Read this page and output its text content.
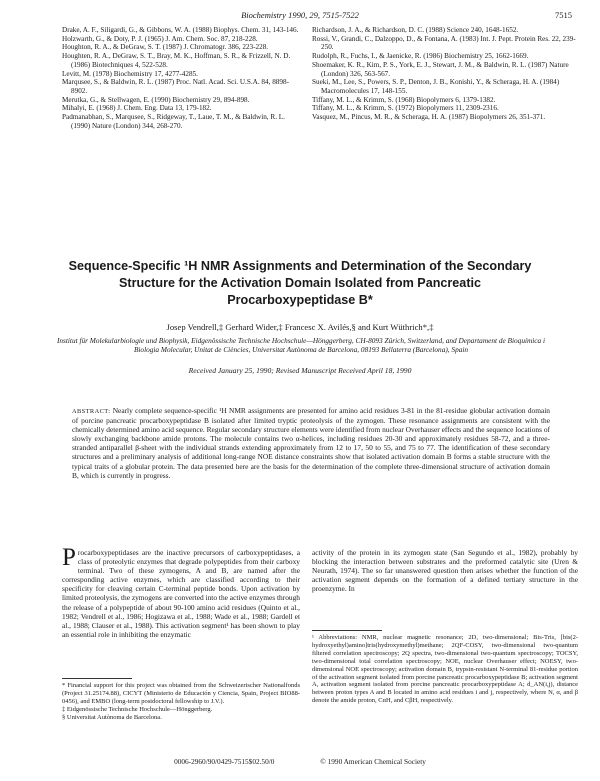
Biochemistry 1990, 29, 7515-7522	7515

Drake, A. F., Siligardi, G., & Gibbons, W. A. (1988) Biophys. Chem. 31, 143-146.

Holzwarth, G., & Doty, P. J. (1965) J. Am. Chem. Soc. 87, 218-228.

Houghton, R. A., & DeGraw, S. T. (1987) J. Chromatogr. 386, 223-228.

Houghten, R. A., DeGraw, S. T., Bray, M. K., Hoffman, S. R., & Frizzell, N. D. (1986) Biotechniques 4, 522-528.

Levitt, M. (1978) Biochemistry 17, 4277-4285.

Marqusee, S., & Baldwin, R. L. (1987) Proc. Natl. Acad. Sci. U.S.A. 84, 8898-8902.

Merutka, G., & Stellwagen, E. (1990) Biochemistry 29, 894-898.

Mihalyi, E. (1968) J. Chem. Eng. Data 13, 179-182.

Padmanabhan, S., Marqusee, S., Ridgeway, T., Laue, T. M., & Baldwin, R. L. (1990) Nature (London) 344, 268-270.

Richardson, J. A., & Richardson, D. C. (1988) Science 240, 1648-1652.

Rossi, V., Grandi, C., Dalzoppo, D., & Fontana, A. (1983) Int. J. Pept. Protein Res. 22, 239-250.

Rudolph, R., Fuchs, I., & Jaenicke, R. (1986) Biochemistry 25, 1662-1669.

Shoemaker, K. R., Kim, P. S., York, E. J., Stewart, J. M., & Baldwin, R. L. (1987) Nature (London) 326, 563-567.

Sueki, M., Lee, S., Powers, S. P., Denton, J. B., Konishi, Y., & Scheraga, H. A. (1984) Macromolecules 17, 148-155.

Tiffany, M. L., & Krimm, S. (1968) Biopolymers 6, 1379-1382.

Tiffany, M. L., & Krimm, S. (1972) Biopolymers 11, 2309-2316.

Vasquez, M., Pincus, M. R., & Scheraga, H. A. (1987) Biopolymers 26, 351-371.

Sequence-Specific ¹H NMR Assignments and Determination of the Secondary
Structure for the Activation Domain Isolated from Pancreatic
Procarboxypeptidase B*
Josep Vendrell,‡ Gerhard Wider,‡ Francesc X. Avilés,§ and Kurt Wüthrich*,‡
Institut für Molekularbiologie und Biophysik, Eidgenössische Technische Hochschule—Hönggerberg, CH-8093 Zürich, Switzerland, and Departament de Bioquímica i Biologia Molecular, Unitat de Ciències, Universitat Autònoma de Barcelona, 08193 Bellaterra (Barcelona), Spain
Received January 25, 1990; Revised Manuscript Received April 18, 1990
ABSTRACT: Nearly complete sequence-specific ¹H NMR assignments are presented for amino acid residues 3-81 in the 81-residue globular activation domain of porcine pancreatic procarboxypeptidase B isolated after limited tryptic proteolysis of the zymogen. These resonance assignments are consistent with the chemically determined amino acid sequence. Regular secondary structure elements were identified from nuclear Overhauser effects and the sequence locations of slowly exchanging backbone amide protons. The molecule contains two α-helices, including residues 20-30 and approximately residues 58-72, and a three-stranded antiparallel β-sheet with the individual strands extending approximately from 12 to 17, 50 to 55, and 75 to 77. The identification of these secondary structures and a preliminary analysis of additional long-range NOE distance constraints show that isolated activation domain B forms a stable structure with the typical traits of a globular protein. The data presented here are the basis for the determination of the complete three-dimensional structure of activation domain B, which is currently in progress.
Procarboxypeptidases are the inactive precursors of carboxypeptidases, a class of proteolytic enzymes that degrade polypeptides from their carboxy terminal. Two of these zymogens, A and B, are named after the corresponding active enzymes, which are classified according to their specificity for cleaving certain C-terminal peptide bonds. Upon activation by limited proteolysis, the zymogens are converted into the active enzymes through the release of a polypeptide of about 90-100 amino acid residues (Quinto et al., 1982; Vendrell et al., 1986; Hogizawa et al., 1988; Wade et al., 1988; Gardell et al., 1988; Clauser et al., 1988). This activation segment¹ has been shown to play an essential role in inhibiting the enzymatic
activity of the protein in its zymogen state (San Segundo et al., 1982), probably by blocking the interaction between substrates and the preformed catalytic site (Uren & Neurath, 1974). The so far unanswered question then arises whether the function of the activation segment depends on the formation of a defined tertiary structure in the proenzyme. In

* Financial support for this project was obtained from the Schweizerischer Nationalfonds (Project 31.25174.88), CICYT (Ministerio de Educación y Ciencia, Spain, Project BIO88-0456), and EMBO (long-term postdoctoral fellowship to J.V.).

‡ Eidgenössische Technische Hochschule—Hönggerberg.

§ Universitat Autònoma de Barcelona.

¹ Abbreviations: NMR, nuclear magnetic resonance; 2D, two-dimensional; Bis-Tris, [bis(2-hydroxyethyl)amino]tris(hydroxymethyl)methane; 2QF-COSY, two-dimensional two-quantum filtered correlation spectroscopy; 2Q spectra, two-dimensional two-quantum spectroscopy; TOCSY, two-dimensional total correlation spectroscopy; NOE, nuclear Overhauser effect; NOESY, two-dimensional NOE spectroscopy; activation domain B, trypsin-resistant N-terminal 81-residue portion of the activation segment isolated from porcine pancreatic procarboxypeptidase B; activation segment A, activation segment isolated from porcine pancreatic procarboxypeptidase A; d_AN(i,j), distance between proton types A and B located in amino acid residues i and j, respectively, where N, α, and β denote the amide proton, CαH, and CβH, respectively.

0006-2960/90/0429-7515$02.50/0	© 1990 American Chemical Society
